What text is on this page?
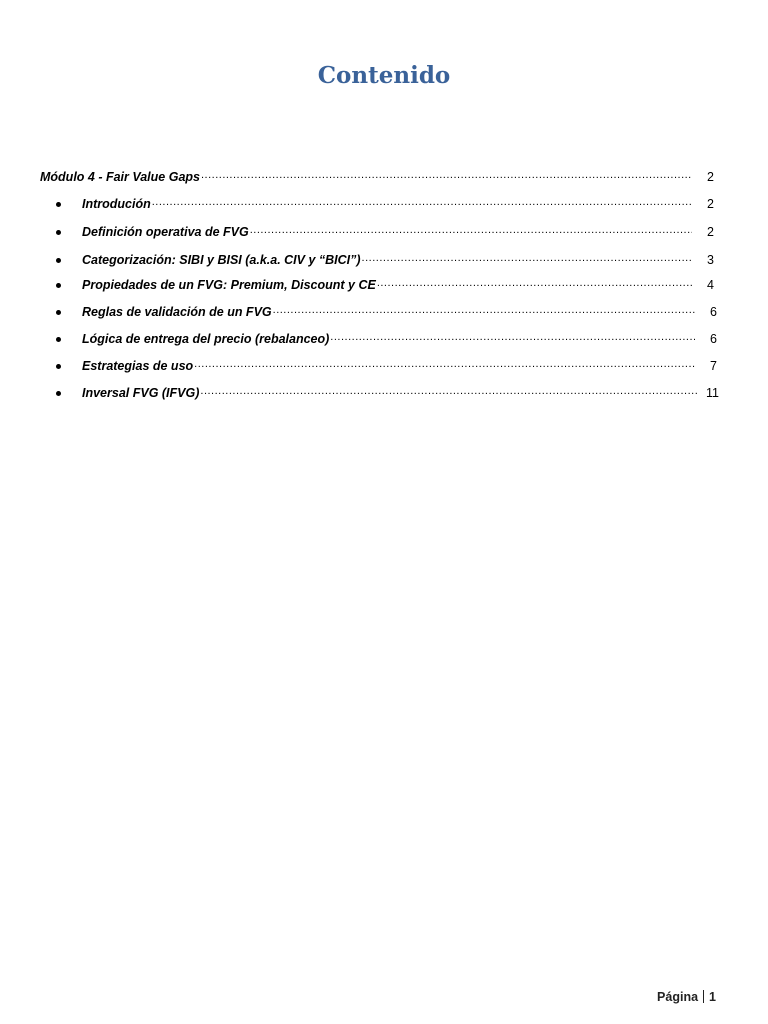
Contenido
Módulo 4 - Fair Value Gaps .....	2
Introdución .....	2
Definición operativa de FVG .....	2
Categorización: SIBI y BISI (a.k.a. CIV y “BICI”) .....	3
Propiedades de un FVG: Premium, Discount y CE .....	4
Reglas de validación de un FVG .....	6
Lógica de entrega del precio (rebalanceo) .....	6
Estrategias de uso .....	7
Inversal FVG (IFVG) .....	11
Página 1
